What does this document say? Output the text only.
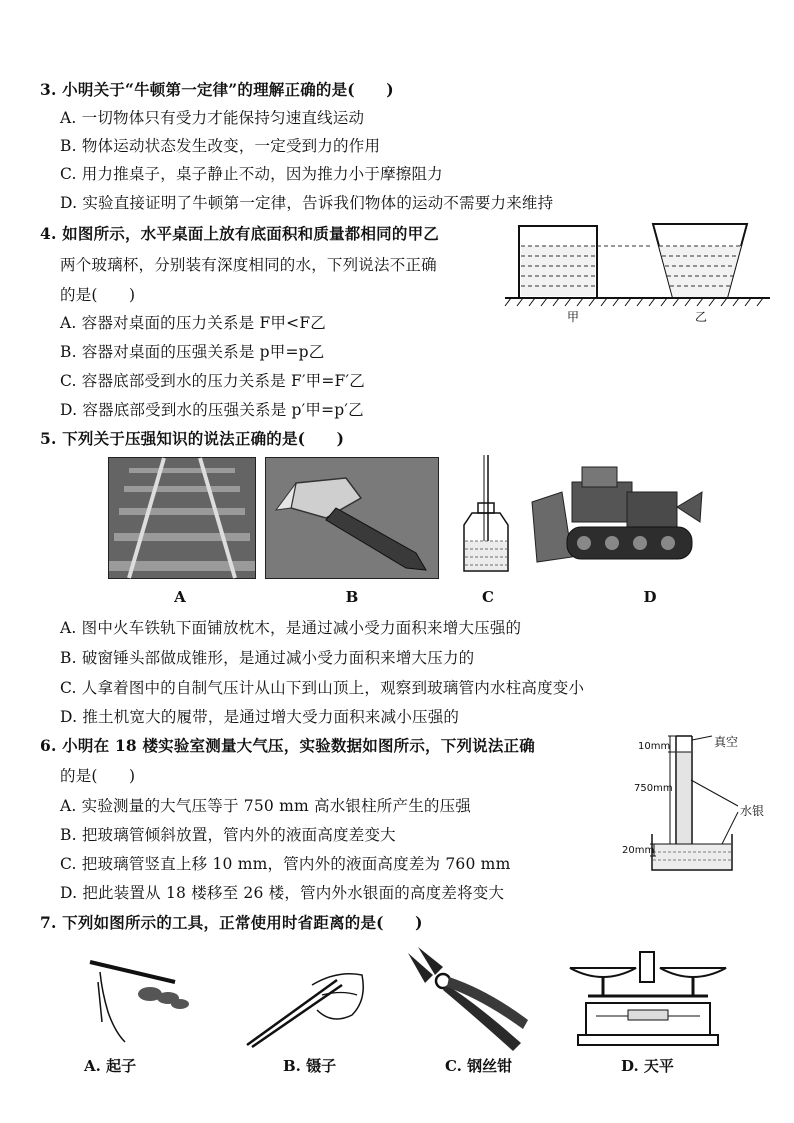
3. 小明关于“牛顿第一定律”的理解正确的是(　　)
A. 一切物体只有受力才能保持匀速直线运动
B. 物体运动状态发生改变，一定受到力的作用
C. 用力推桌子，桌子静止不动，因为推力小于摩擦阻力
D. 实验直接证明了牛顿第一定律，告诉我们物体的运动不需要力来维持
4. 如图所示，水平桌面上放有底面积和质量都相同的甲乙
两个玻璃杯，分别装有深度相同的水，下列说法不正确
的是(　　)
A. 容器对桌面的压力关系是 F甲<F乙
B. 容器对桌面的压强关系是 p甲=p乙
C. 容器底部受到水的压力关系是 F′甲=F′乙
D. 容器底部受到水的压强关系是 p′甲=p′乙
甲	乙
5. 下列关于压强知识的说法正确的是(　　)
A	B	C	D
A. 图中火车铁轨下面铺放枕木，是通过减小受力面积来增大压强的
B. 破窗锤头部做成锥形，是通过减小受力面积来增大压力的
C. 人拿着图中的自制气压计从山下到山顶上，观察到玻璃管内水柱高度变小
D. 推土机宽大的履带，是通过增大受力面积来减小压强的
6. 小明在 18 楼实验室测量大气压，实验数据如图所示，下列说法正确
的是(　　)
A. 实验测量的大气压等于 750 mm 高水银柱所产生的压强
B. 把玻璃管倾斜放置，管内外的液面高度差变大
C. 把玻璃管竖直上移 10 mm，管内外的液面高度差为 760 mm
D. 把此装置从 18 楼移至 26 楼，管内外水银面的高度差将变大
10mm
750mm
20mm
真空
水银
7. 下列如图所示的工具，正常使用时省距离的是(　　)
A. 起子	B. 镊子	C. 钢丝钳	D. 天平
